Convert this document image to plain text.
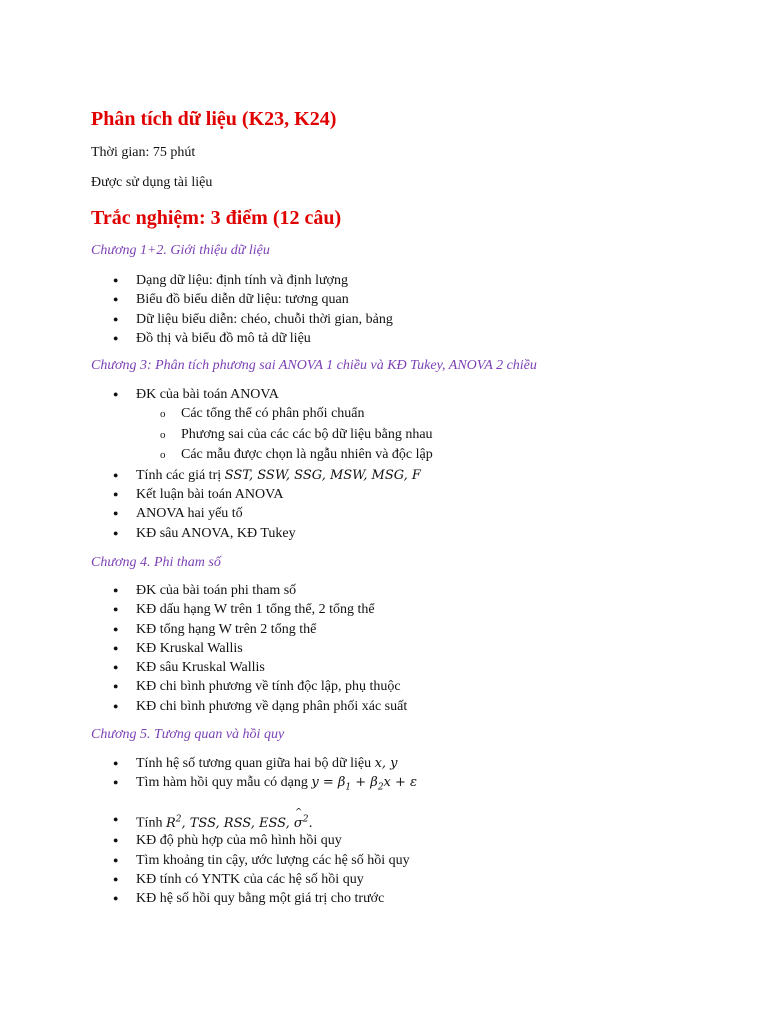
Phân tích dữ liệu (K23, K24)

Thời gian: 75 phút

Được sử dụng tài liệu

Trắc nghiệm: 3 điểm (12 câu)

Chương 1+2. Giới thiệu dữ liệu

● Dạng dữ liệu: định tính và định lượng
● Biểu đồ biểu diễn dữ liệu: tương quan
● Dữ liệu biểu diễn: chéo, chuỗi thời gian, bảng
● Đồ thị và biểu đồ mô tả dữ liệu

Chương 3: Phân tích phương sai ANOVA 1 chiều và KĐ Tukey, ANOVA 2 chiều

● ĐK của bài toán ANOVA
o Các tổng thể có phân phối chuẩn
o Phương sai của các các bộ dữ liệu bằng nhau
o Các mẫu được chọn là ngẫu nhiên và độc lập
● Tính các giá trị SST, SSW, SSG, MSW, MSG, F
● Kết luận bài toán ANOVA
● ANOVA hai yếu tố
● KĐ sâu ANOVA, KĐ Tukey

Chương 4. Phi tham số

● ĐK của bài toán phi tham số
● KĐ dấu hạng W trên 1 tổng thể, 2 tổng thể
● KĐ tổng hạng W trên 2 tổng thể
● KĐ Kruskal Wallis
● KĐ sâu Kruskal Wallis
● KĐ chi bình phương về tính độc lập, phụ thuộc
● KĐ chi bình phương về dạng phân phối xác suất

Chương 5. Tương quan và hồi quy

● Tính hệ số tương quan giữa hai bộ dữ liệu x, y
● Tìm hàm hồi quy mẫu có dạng $y = \beta_1 + \beta_2x + \varepsilon$
● Tính $R^2$, TSS, RSS, ESS, σ ^$^2$.
● KĐ độ phù hợp của mô hình hồi quy
● Tìm khoảng tin cậy, ước lượng các hệ số hồi quy
● KĐ tính có YNTK của các hệ số hồi quy
● KĐ hệ số hồi quy bằng một giá trị cho trước
